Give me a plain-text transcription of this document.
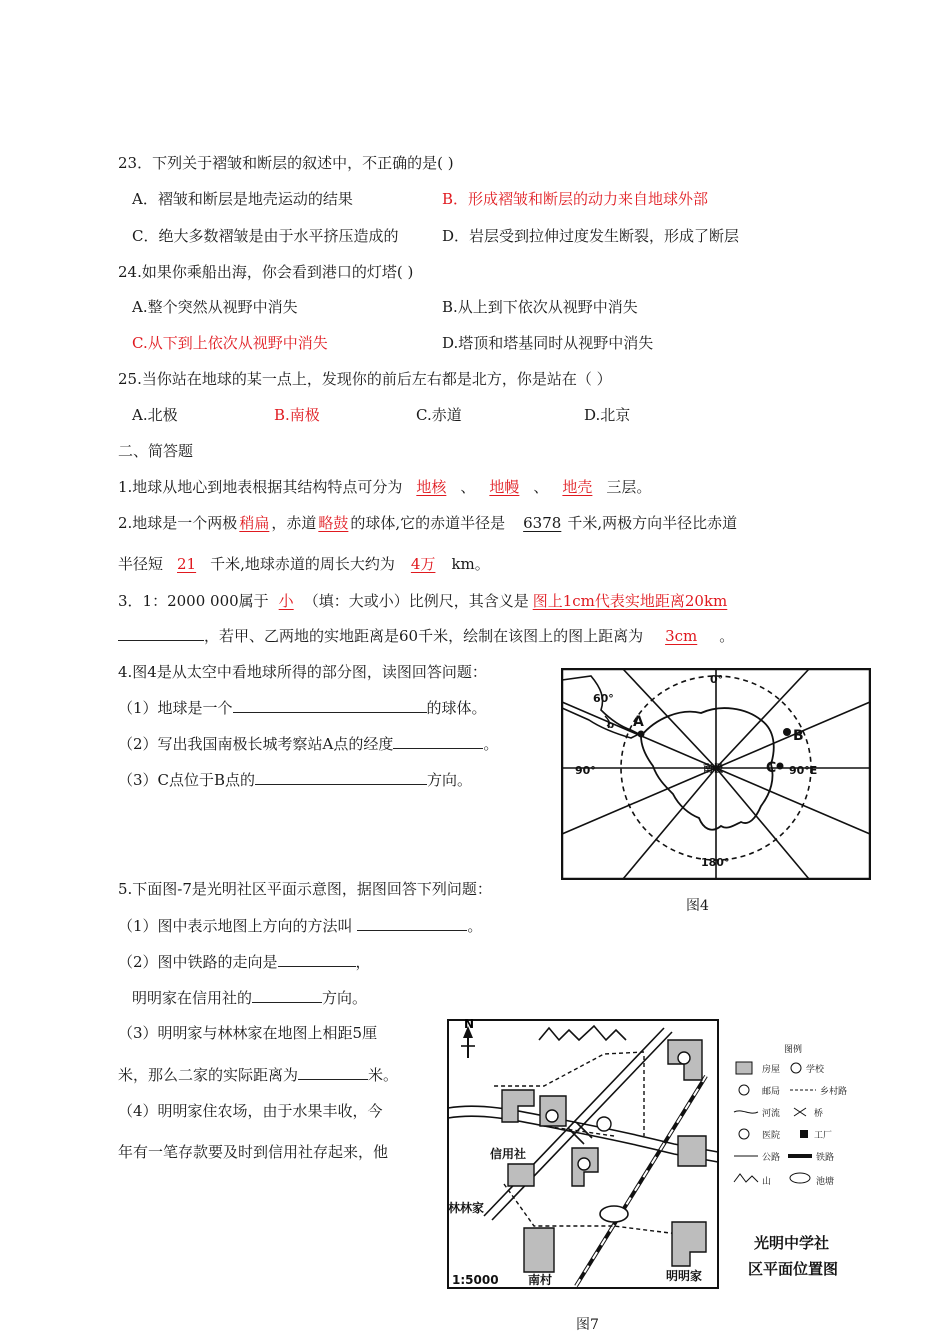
23．下列关于褶皱和断层的叙述中，不正确的是( )
A．褶皱和断层是地壳运动的结果	B．形成褶皱和断层的动力来自地球外部
C．绝大多数褶皱是由于水平挤压造成的	D．岩层受到拉伸过度发生断裂，形成了断层
24.如果你乘船出海，你会看到港口的灯塔( )
A.整个突然从视野中消失	B.从上到下依次从视野中消失
C.从下到上依次从视野中消失	D.塔顶和塔基同时从视野中消失
25.当你站在地球的某一点上，发现你的前后左右都是北方，你是站在（ ）
A.北极	B.南极	C.赤道	D.北京
二、简答题
1.地球从地心到地表根据其结构特点可分为 地核 、 地幔 、 地壳 三层。
2.地球是一个两极 稍扁 ，赤道 略鼓 的球体,它的赤道半径是 6378 千米,两极方向半径比赤道
半径短 21 千米,地球赤道的周长大约为 4万 km。
3．1：2000 000属于 小 （填：大或小）比例尺，其含义是 图上1cm代表实地距离20km
，若甲、乙两地的实地距离是60千米，绘制在该图上的图上距离为 3cm 。
4.图4是从太空中看地球所得的部分图，读图回答问题：
（1）地球是一个	的球体。
（2）写出我国南极长城考察站A点的经度	。
（3）C点位于B点的	方向。
0°
60°
b
90°	90°E
180°
南极
A
B
C
图4
5.下面图-7是光明社区平面示意图，据图回答下列问题：
（1）图中表示地图上方向的方法叫	。
（2）图中铁路的走向是	，
明明家在信用社的	方向。
（3）明明家与林林家在地图上相距5厘
米，那么二家的实际距离为	米。
（4）明明家住农场，由于水果丰收，今
年有一笔存款要及时到信用社存起来，他
N
信用社
林林家
南村	明明家
1:5000
图例
房屋	学校
邮局	乡村路
河流	桥
医院	工厂
公路	铁路
山	池塘
光明中学社
区平面位置图
图7
